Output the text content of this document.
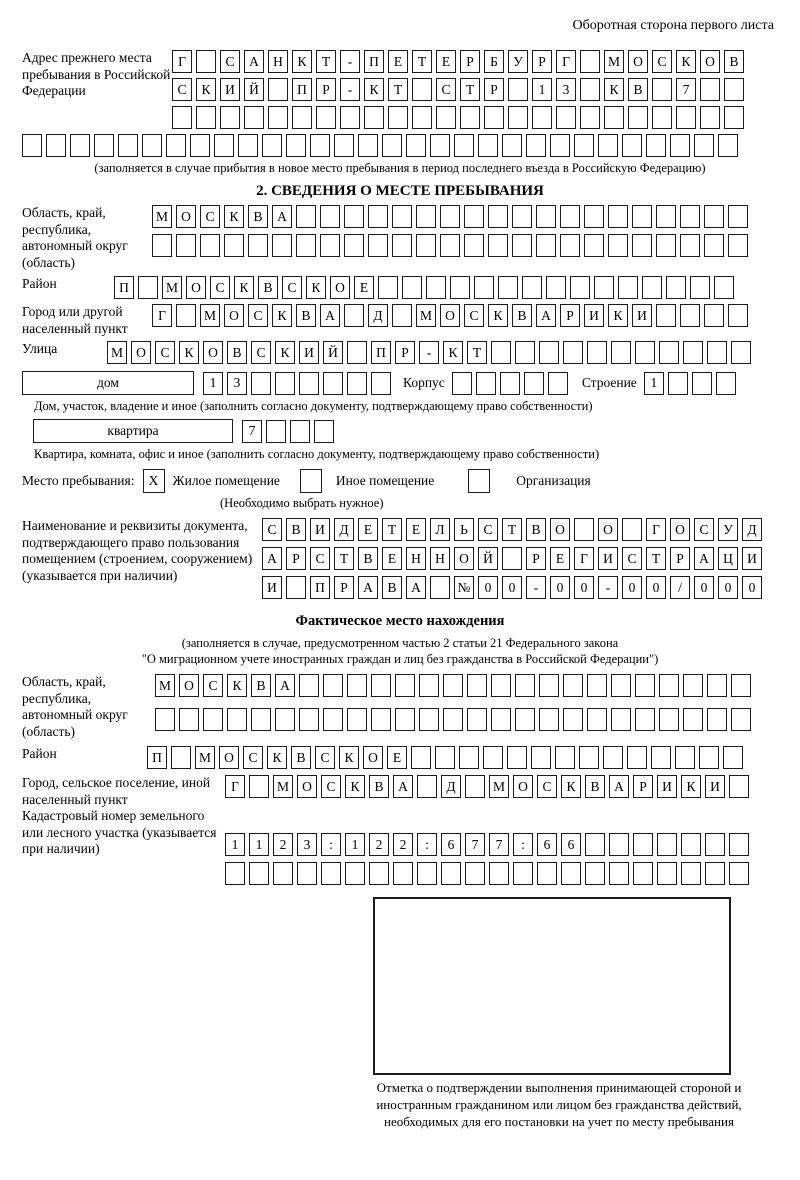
Оборотная сторона первого листа
Адрес прежнего места пребывания в Российской Федерации
Г	С	А	Н	К	Т	-	П	Е	Т	Е	Р	Б	У	Р	Г	М О	С	К	О	В
С	К	И	Й	П	Р	-	К	Т	С	Т	Р	1	3	К	В	7
(заполняется в случае прибытия в новое место пребывания в период последнего въезда в Российскую Федерацию)
2. СВЕДЕНИЯ О МЕСТЕ ПРЕБЫВАНИЯ
Область, край, республика, автономный округ (область)
М О	С	К	В	А
Район	П	М О	С	К	В	С	К	О	Е
Город или другой населенный пункт
Г	М О	С	К	В	А	Д	М О	С	К	В	А	Р	И	К	И
Улица	М О	С	К	О	В	С	К	И	Й	П	Р	-	К	Т
дом	1	3	Корпус	Строение	1
Дом, участок, владение и иное (заполнить согласно документу, подтверждающему право собственности)
квартира	7
Квартира, комната, офис и иное (заполнить согласно документу, подтверждающему право собственности)
Место пребывания:	X	Жилое помещение	Иное помещение	Организация
(Необходимо выбрать нужное)
Наименование и реквизиты документа, подтверждающего право пользования помещением (строением, сооружением) (указывается при наличии)
С	В	И	Д	Е	Т	Е	Л	Ь	С	Т	В	О	О	Г	О	С	У	Д
А	Р	С	Т	В	Е	Н	Н	О	Й	Р	Е	Г	И	С	Т	Р	А	Ц	И
И	П	Р	А	В	А	№	0	0	-	0	0	-	0	0	/	0	0	0
Фактическое место нахождения
(заполняется в случае, предусмотренном частью 2 статьи 21 Федерального закона
"О миграционном учете иностранных граждан и лиц без гражданства в Российской Федерации")
Область, край, республика, автономный округ (область)
М О	С	К	В	А
Район	П	М О	С	К	В	С	К	О	Е
Город, сельское поселение, иной населенный пункт
Г	М О	С	К	В	А	Д	М О	С	К	В	А	Р	И	К	И
Кадастровый номер земельного или лесного участка (указывается при наличии)	1	1	2	3	:	1	2	2	:	6	7	7	:	6	6
Отметка о подтверждении выполнения принимающей стороной и иностранным гражданином или лицом без гражданства действий, необходимых для его постановки на учет по месту пребывания
